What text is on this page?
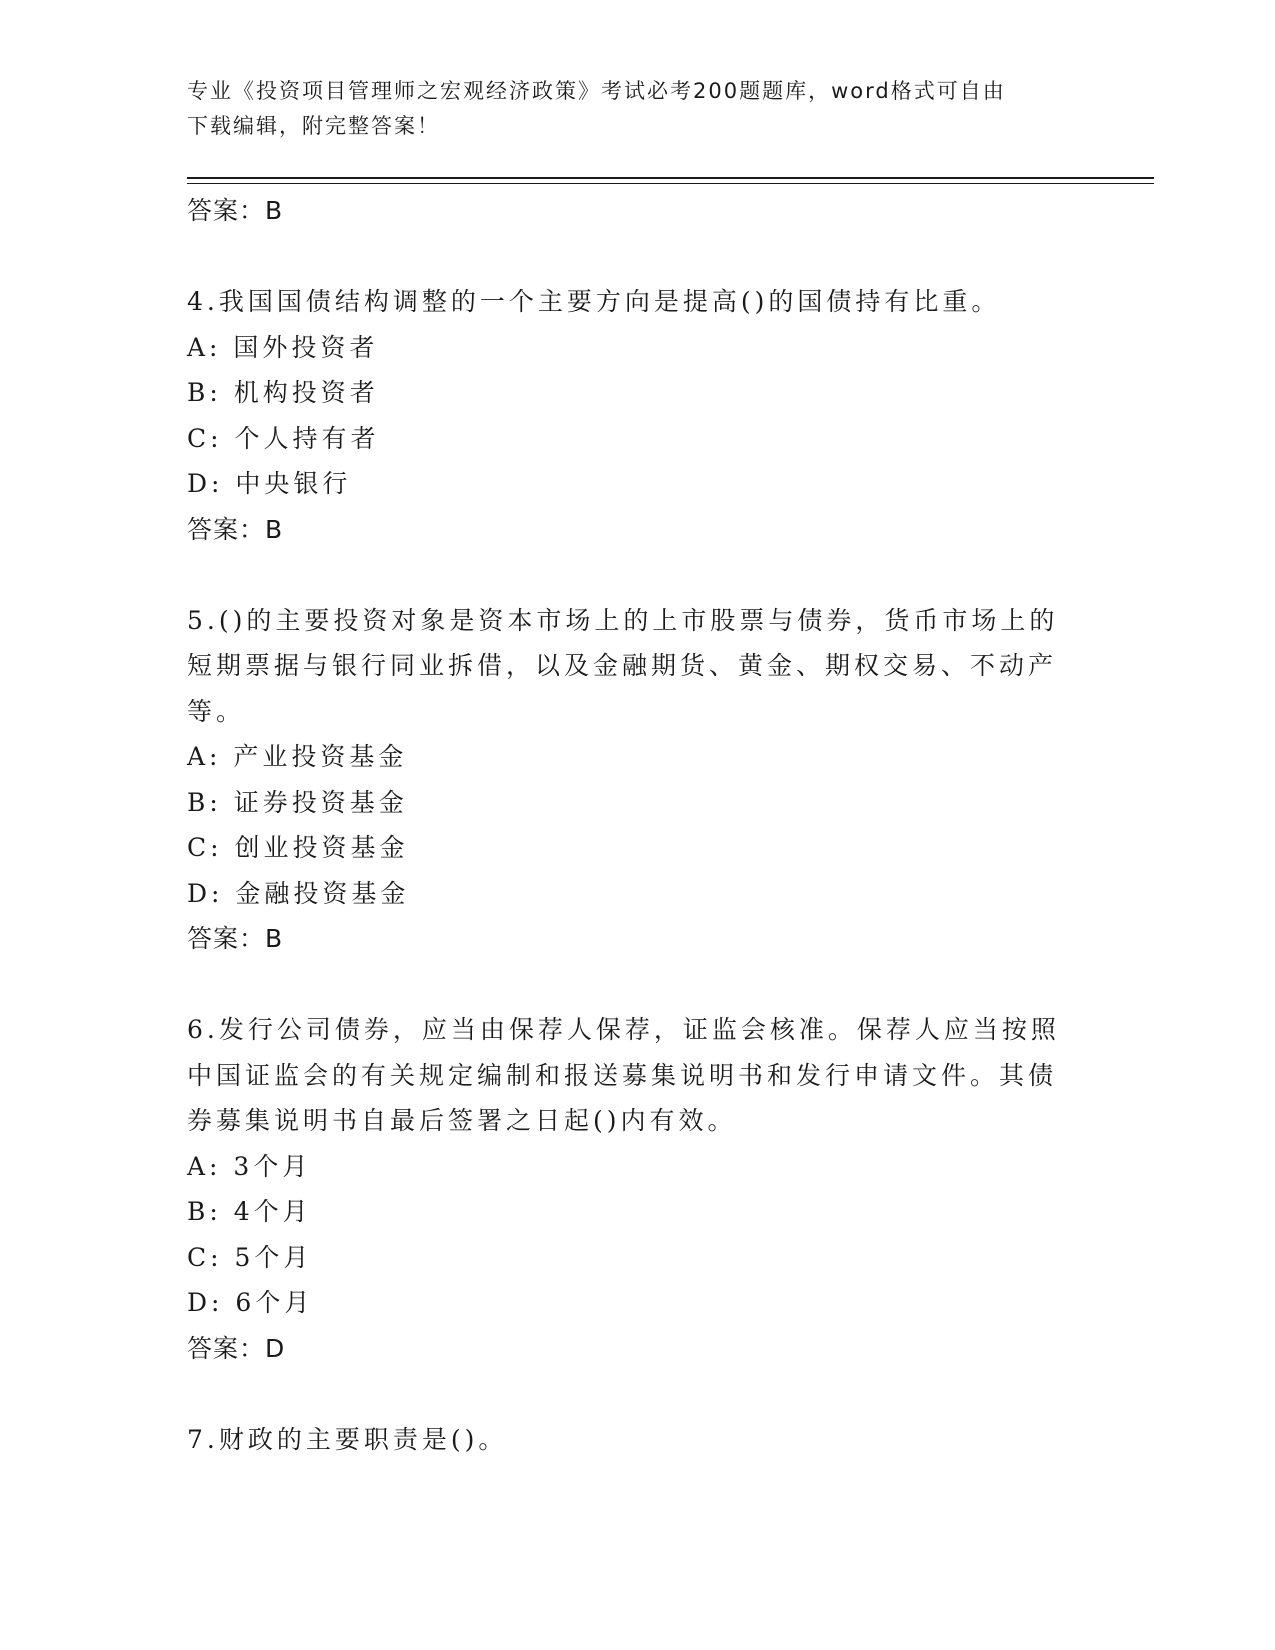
专业《投资项目管理师之宏观经济政策》考试必考200题题库，word格式可自由
下载编辑，附完整答案！
答案：B
4.我国国债结构调整的一个主要方向是提高()的国债持有比重。
A: 国外投资者
B: 机构投资者
C: 个人持有者
D: 中央银行
答案：B
5.()的主要投资对象是资本市场上的上市股票与债券，货币市场上的
短期票据与银行同业拆借，以及金融期货、黄金、期权交易、不动产
等。
A: 产业投资基金
B: 证券投资基金
C: 创业投资基金
D: 金融投资基金
答案：B
6.发行公司债券，应当由保荐人保荐，证监会核准。保荐人应当按照
中国证监会的有关规定编制和报送募集说明书和发行申请文件。其债
券募集说明书自最后签署之日起()内有效。
A: 3个月
B: 4个月
C: 5个月
D: 6个月
答案：D
7.财政的主要职责是()。
